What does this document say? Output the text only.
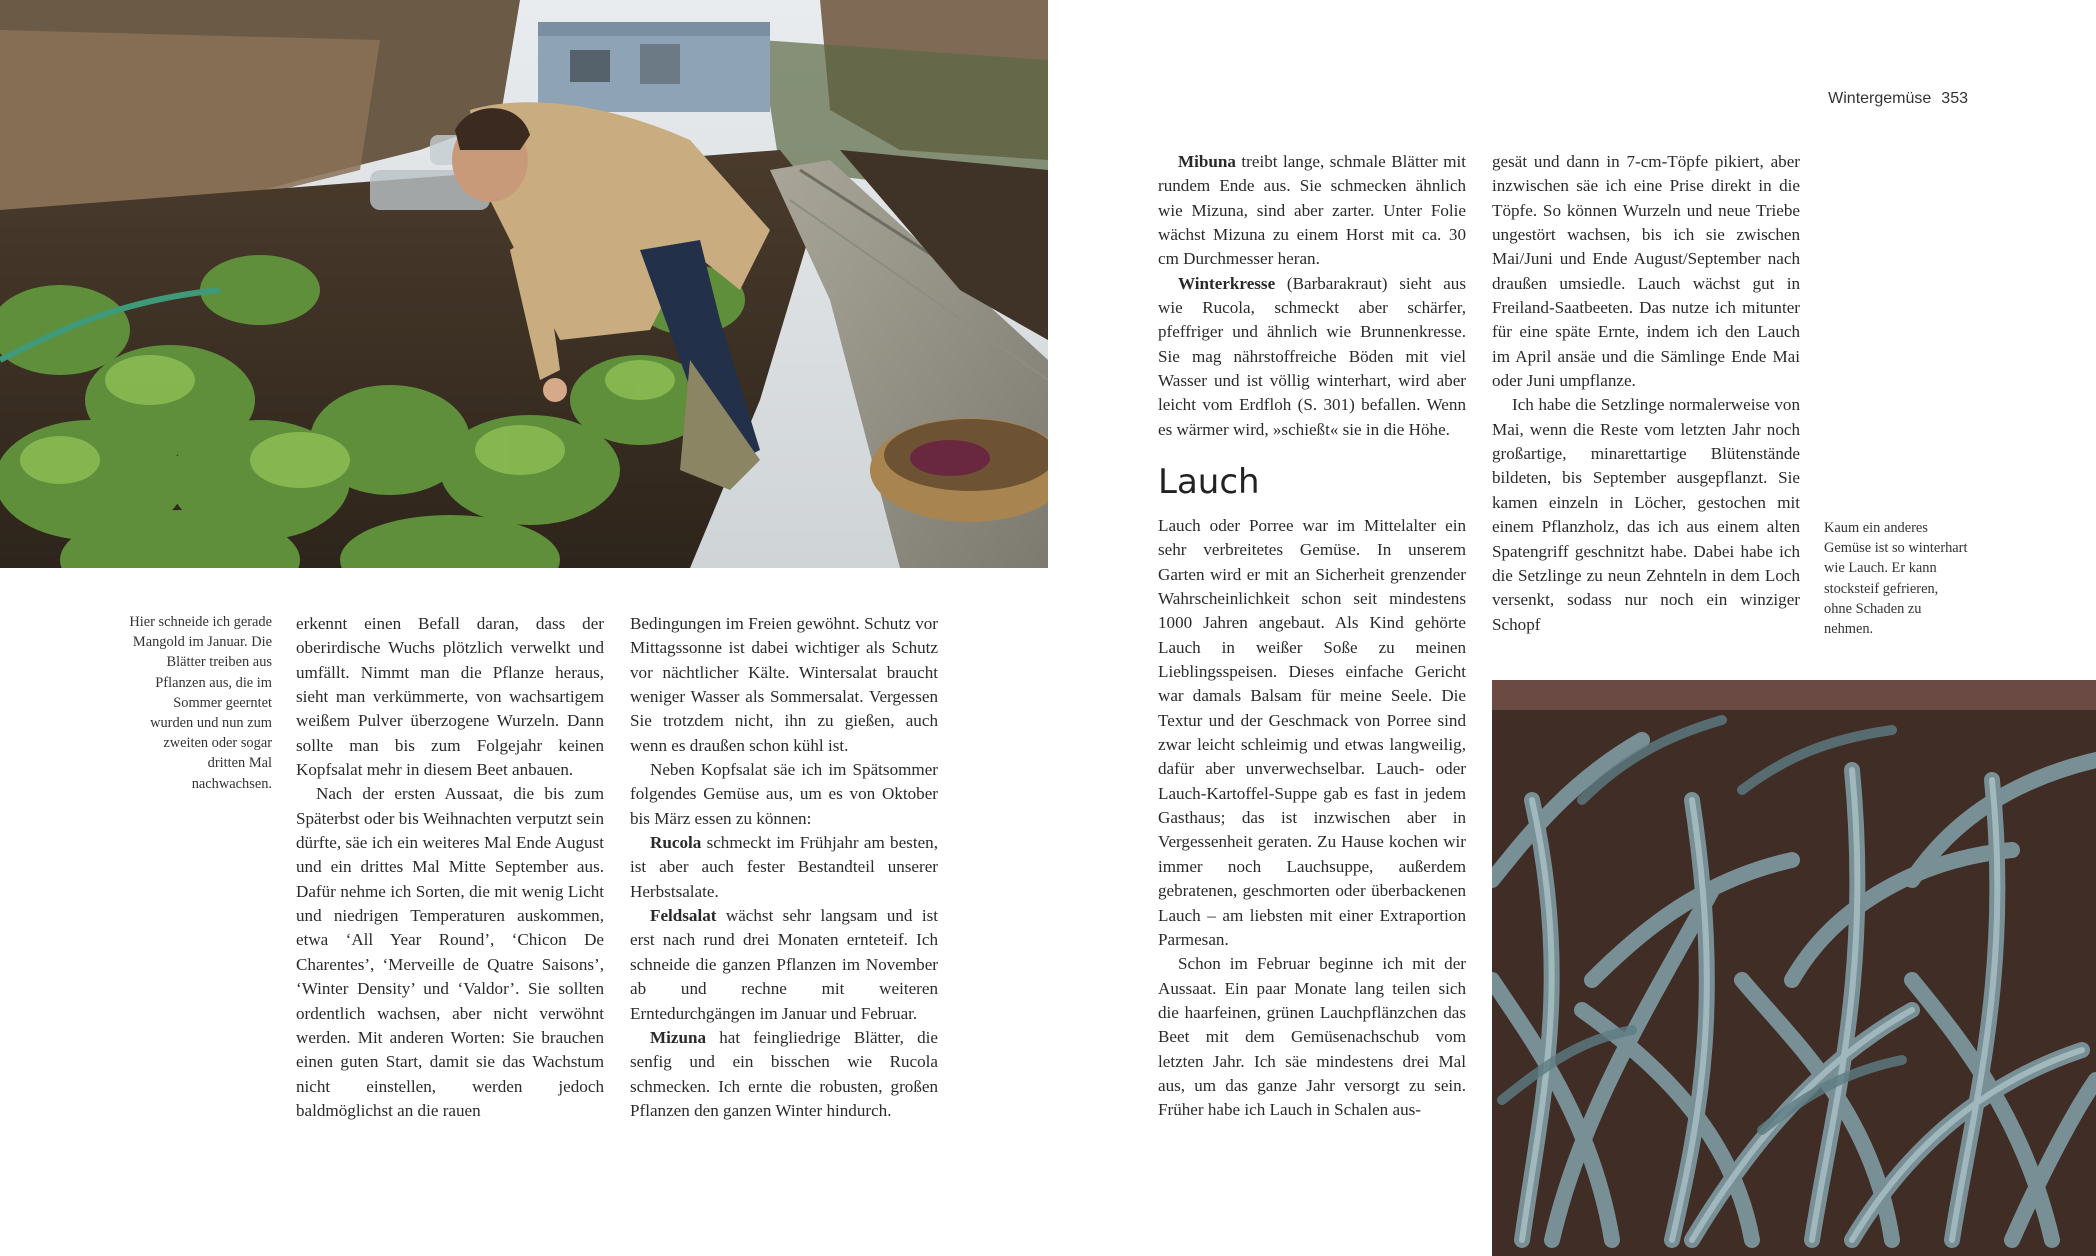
Wintergemüse 353
Hier schneide ich gerade Mangold im Januar. Die Blätter treiben aus Pflanzen aus, die im Sommer geerntet wurden und nun zum zweiten oder sogar dritten Mal nachwachsen.
Kaum ein anderes Gemüse ist so winterhart wie Lauch. Er kann stocksteif gefrieren, ohne Schaden zu nehmen.

erkennt einen Befall daran, dass der oberirdische Wuchs plötzlich verwelkt und umfällt. Nimmt man die Pflanze heraus, sieht man verkümmerte, von wachsartigem weißem Pulver überzogene Wurzeln. Dann sollte man bis zum Folgejahr keinen Kopfsalat mehr in diesem Beet anbauen.

Nach der ersten Aussaat, die bis zum Späterbst oder bis Weihnachten verputzt sein dürfte, säe ich ein weiteres Mal Ende August und ein drittes Mal Mitte September aus. Dafür nehme ich Sorten, die mit wenig Licht und niedrigen Temperaturen auskommen, etwa ‘All Year Round’, ‘Chicon De Charentes’, ‘Merveille de Quatre Saisons’, ‘Winter Density’ und ‘Valdor’. Sie sollten ordentlich wachsen, aber nicht verwöhnt werden. Mit anderen Worten: Sie brauchen einen guten Start, damit sie das Wachstum nicht einstellen, werden jedoch baldmöglichst an die rauen

Bedingungen im Freien gewöhnt. Schutz vor Mittagssonne ist dabei wichtiger als Schutz vor nächtlicher Kälte. Wintersalat braucht weniger Wasser als Sommersalat. Vergessen Sie trotzdem nicht, ihn zu gießen, auch wenn es draußen schon kühl ist.

Neben Kopfsalat säe ich im Spätsommer folgendes Gemüse aus, um es von Oktober bis März essen zu können:

Rucola schmeckt im Frühjahr am besten, ist aber auch fester Bestandteil unserer Herbstsalate.

Feldsalat wächst sehr langsam und ist erst nach rund drei Monaten ernteteif. Ich schneide die ganzen Pflanzen im November ab und rechne mit weiteren Erntedurchgängen im Januar und Februar.

Mizuna hat feingliedrige Blätter, die senfig und ein bisschen wie Rucola schmecken. Ich ernte die robusten, großen Pflanzen den ganzen Winter hindurch.

Mibuna treibt lange, schmale Blätter mit rundem Ende aus. Sie schmecken ähnlich wie Mizuna, sind aber zarter. Unter Folie wächst Mizuna zu einem Horst mit ca. 30 cm Durchmesser heran.

Winterkresse (Barbarakraut) sieht aus wie Rucola, schmeckt aber schärfer, pfeffriger und ähnlich wie Brunnenkresse. Sie mag nährstoffreiche Böden mit viel Wasser und ist völlig winterhart, wird aber leicht vom Erdfloh (S. 301) befallen. Wenn es wärmer wird, »schießt« sie in die Höhe.

Lauch

Lauch oder Porree war im Mittelalter ein sehr verbreitetes Gemüse. In unserem Garten wird er mit an Sicherheit grenzender Wahrscheinlichkeit schon seit mindestens 1000 Jahren angebaut. Als Kind gehörte Lauch in weißer Soße zu meinen Lieblingsspeisen. Dieses einfache Gericht war damals Balsam für meine Seele. Die Textur und der Geschmack von Porree sind zwar leicht schleimig und etwas langweilig, dafür aber unverwechselbar. Lauch- oder Lauch-Kartoffel-Suppe gab es fast in jedem Gasthaus; das ist inzwischen aber in Vergessenheit geraten. Zu Hause kochen wir immer noch Lauchsuppe, außerdem gebratenen, geschmorten oder überbackenen Lauch – am liebsten mit einer Extraportion Parmesan.

Schon im Februar beginne ich mit der Aussaat. Ein paar Monate lang teilen sich die haarfeinen, grünen Lauchpflänzchen das Beet mit dem Gemüsenachschub vom letzten Jahr. Ich säe mindestens drei Mal aus, um das ganze Jahr versorgt zu sein. Früher habe ich Lauch in Schalen aus-

gesät und dann in 7-cm-Töpfe pikiert, aber inzwischen säe ich eine Prise direkt in die Töpfe. So können Wurzeln und neue Triebe ungestört wachsen, bis ich sie zwischen Mai/Juni und Ende August/September nach draußen umsiedle. Lauch wächst gut in Freiland-Saatbeeten. Das nutze ich mitunter für eine späte Ernte, indem ich den Lauch im April ansäe und die Sämlinge Ende Mai oder Juni umpflanze.

Ich habe die Setzlinge normalerweise von Mai, wenn die Reste vom letzten Jahr noch großartige, minarettartige Blütenstände bildeten, bis September ausgepflanzt. Sie kamen einzeln in Löcher, gestochen mit einem Pflanzholz, das ich aus einem alten Spatengriff geschnitzt habe. Dabei habe ich die Setzlinge zu neun Zehnteln in dem Loch versenkt, sodass nur noch ein winziger Schopf
